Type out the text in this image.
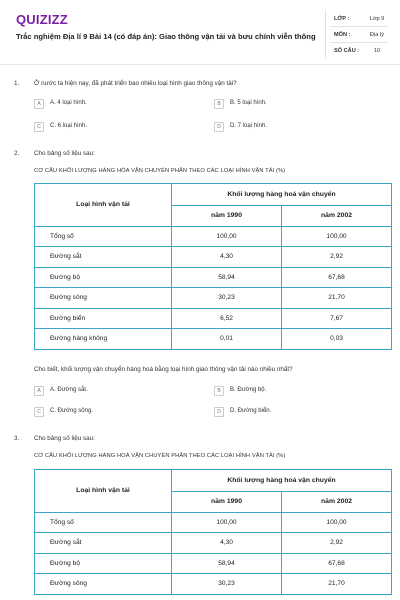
QUIZIZZ
Trắc nghiệm Địa lí 9 Bài 14 (có đáp án): Giao thông vận tải và bưu chính viễn thông
LỚP :	Lớp 9
MÔN :	Địa lý
SỐ CÂU :	10
1. Ở nước ta hiện nay, đã phát triển bao nhiêu loại hình giao thông vận tải?
A	A. 4 loại hình.	B	B. 5 loại hình.
C	C. 6 loại hình.	D	D. 7 loại hình.
2. Cho bảng số liệu sau:
CƠ CẤU KHỐI LƯỢNG HÀNG HÓA VẬN CHUYỂN PHÂN THEO CÁC LOẠI HÌNH VẬN TẢI (%)
Loại hình vận tải	Khối lượng hàng hoá vận chuyển	
	năm 1990	năm 2002
Tổng số	100,00	100,00
Đường sắt	4,30	2,92
Đường bộ	58,94	67,68
Đường sông	30,23	21,70
Đường biển	6,52	7,67
Đường hàng không	0,01	0,03
Cho biết, khối lượng vận chuyển hàng hoá bằng loại hình giao thông vận tải nào nhiều nhất?
A	A. Đường sắt.	B	B. Đường bộ.
C	C. Đường sông.	D	D. Đường biển.
3. Cho bảng số liệu sau:
CƠ CẤU KHỐI LƯỢNG HÀNG HOÁ VẬN CHUYỂN PHÂN THEO CÁC LOẠI HÌNH VẬN TẢI (%)
Loại hình vận tải	Khối lượng hàng hoá vận chuyển	
	năm 1990	năm 2002
Tổng số	100,00	100,00
Đường sắt	4,30	2,92
Đường bộ	58,94	67,68
Đường sông	30,23	21,70
